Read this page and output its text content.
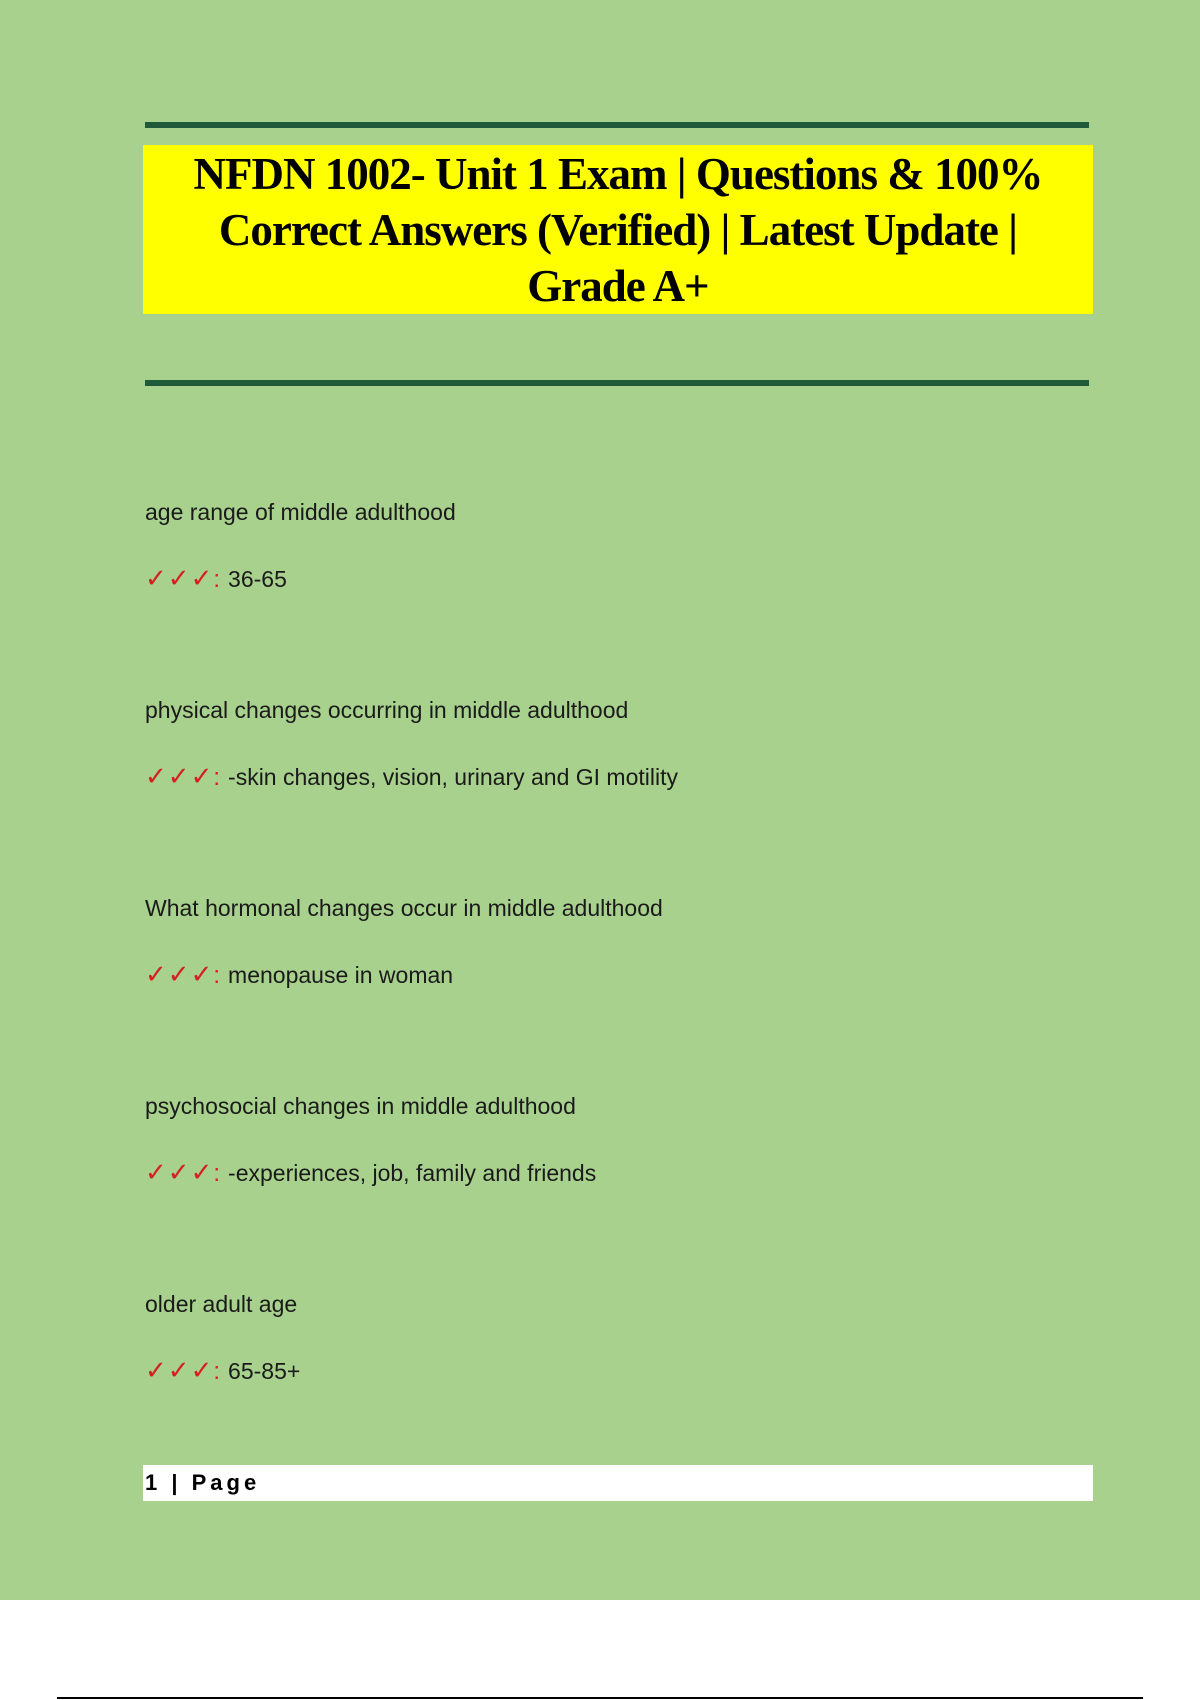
NFDN 1002- Unit 1 Exam | Questions & 100% Correct Answers (Verified) | Latest Update | Grade A+
age range of middle adulthood
✓✓✓ : 36-65
physical changes occurring in middle adulthood
✓✓✓ : -skin changes, vision, urinary and GI motility
What hormonal changes occur in middle adulthood
✓✓✓ : menopause in woman
psychosocial changes in middle adulthood
✓✓✓ : -experiences, job, family and friends
older adult age
✓✓✓ : 65-85+
1 | Page
